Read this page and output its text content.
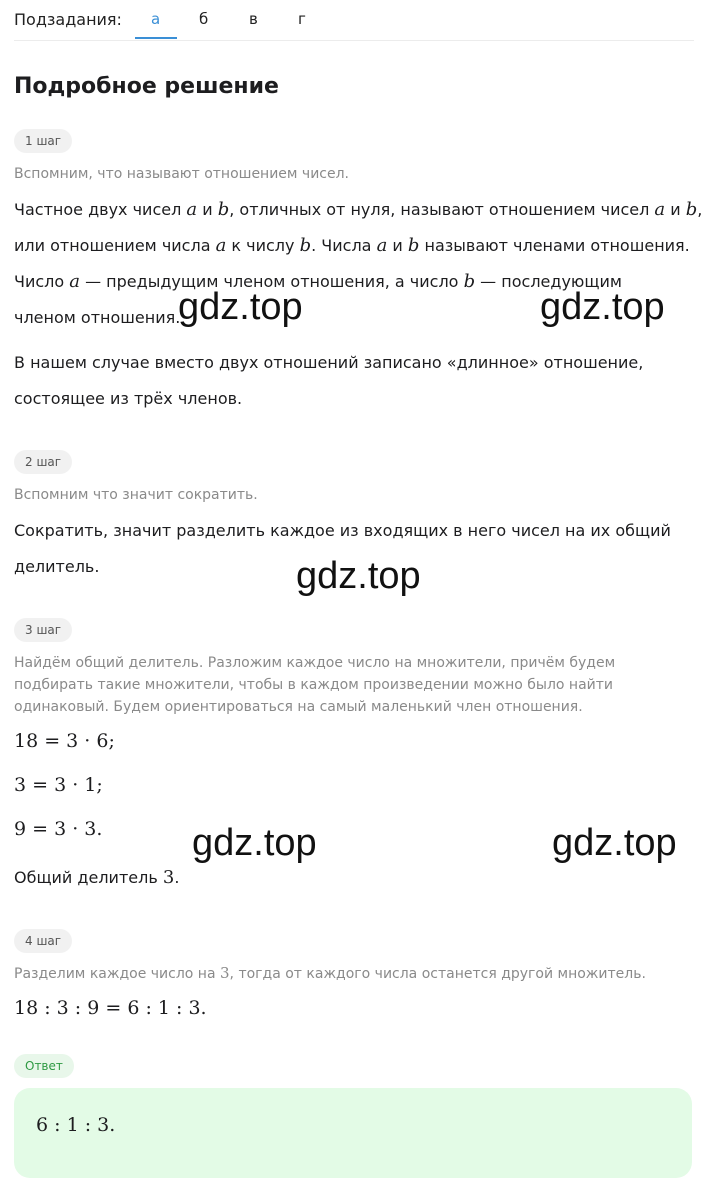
Подзадания: а	б	в	г
Подробное решение
1 шаг
Вспомним, что называют отношением чисел.
Частное двух чисел a и b, отличных от нуля, называют отношением чисел a и b,
или отношением числа a к числу b. Числа a и b называют членами отношения.
Число a — предыдущим членом отношения, а число b — последующим
членом отношения.
В нашем случае вместо двух отношений записано «длинное» отношение,
состоящее из трёх членов.
2 шаг
Вспомним что значит сократить.
Сократить, значит разделить каждое из входящих в него чисел на их общий
делитель.
3 шаг
Найдём общий делитель. Разложим каждое число на множители, причём будем
подбирать такие множители, чтобы в каждом произведении можно было найти
одинаковый. Будем ориентироваться на самый маленький член отношения.
18 = 3 · 6;
3 = 3 · 1;
9 = 3 · 3.
Общий делитель 3.
4 шаг
Разделим каждое число на 3, тогда от каждого числа останется другой множитель.
18 : 3 : 9 = 6 : 1 : 3.
Ответ
6 : 1 : 3.
gdz.top	gdz.top
gdz.top
gdz.top	gdz.top
